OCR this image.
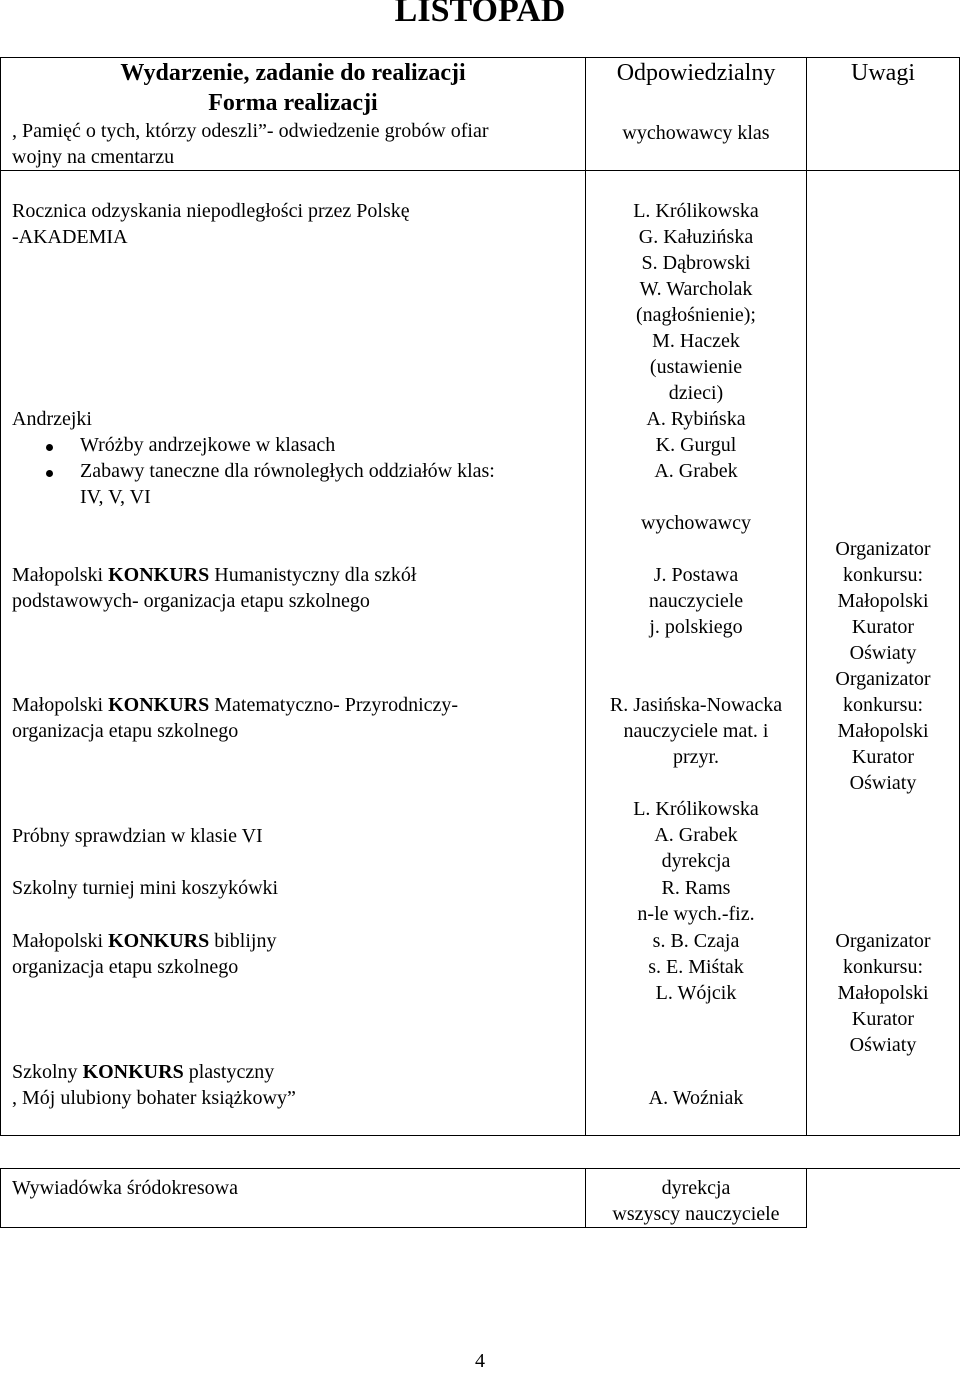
LISTOPAD
Wydarzenie, zadanie do realizacji
Forma realizacji
Odpowiedzialny	Uwagi
, Pamięć o tych, którzy odeszli”- odwiedzenie grobów ofiar
wojny na cmentarzu
wychowawcy klas
Rocznica odzyskania niepodległości przez Polskę
-AKADEMIA
L. Królikowska
G. Kałuzińska
S. Dąbrowski
W. Warcholak
(nagłośnienie);
M. Haczek
(ustawienie
dzieci)
Andrzejki
Wróżby andrzejkowe w klasach
Zabawy taneczne dla równoległych oddziałów klas:
IV, V, VI
A. Rybińska
K. Gurgul
A. Grabek
wychowawcy
Małopolski KONKURS Humanistyczny dla szkół
podstawowych- organizacja etapu szkolnego
J. Postawa
nauczyciele
j. polskiego
Organizator
konkursu:
Małopolski
Kurator
Oświaty
Małopolski KONKURS Matematyczno- Przyrodniczy-
organizacja etapu szkolnego
R. Jasińska-Nowacka
nauczyciele mat. i
przyr.
Organizator
konkursu:
Małopolski
Kurator
Oświaty
Próbny sprawdzian w klasie VI
Szkolny turniej mini koszykówki
Małopolski KONKURS biblijny
organizacja etapu szkolnego
Szkolny KONKURS plastyczny
, Mój ulubiony bohater książkowy”
L. Królikowska
A. Grabek
dyrekcja
R. Rams
n-le wych.-fiz.
s. B. Czaja
s. E. Miśtak
L. Wójcik
A. Woźniak
Organizator
konkursu:
Małopolski
Kurator
Oświaty
Wywiadówka śródokresowa	dyrekcja
wszyscy nauczyciele
4
